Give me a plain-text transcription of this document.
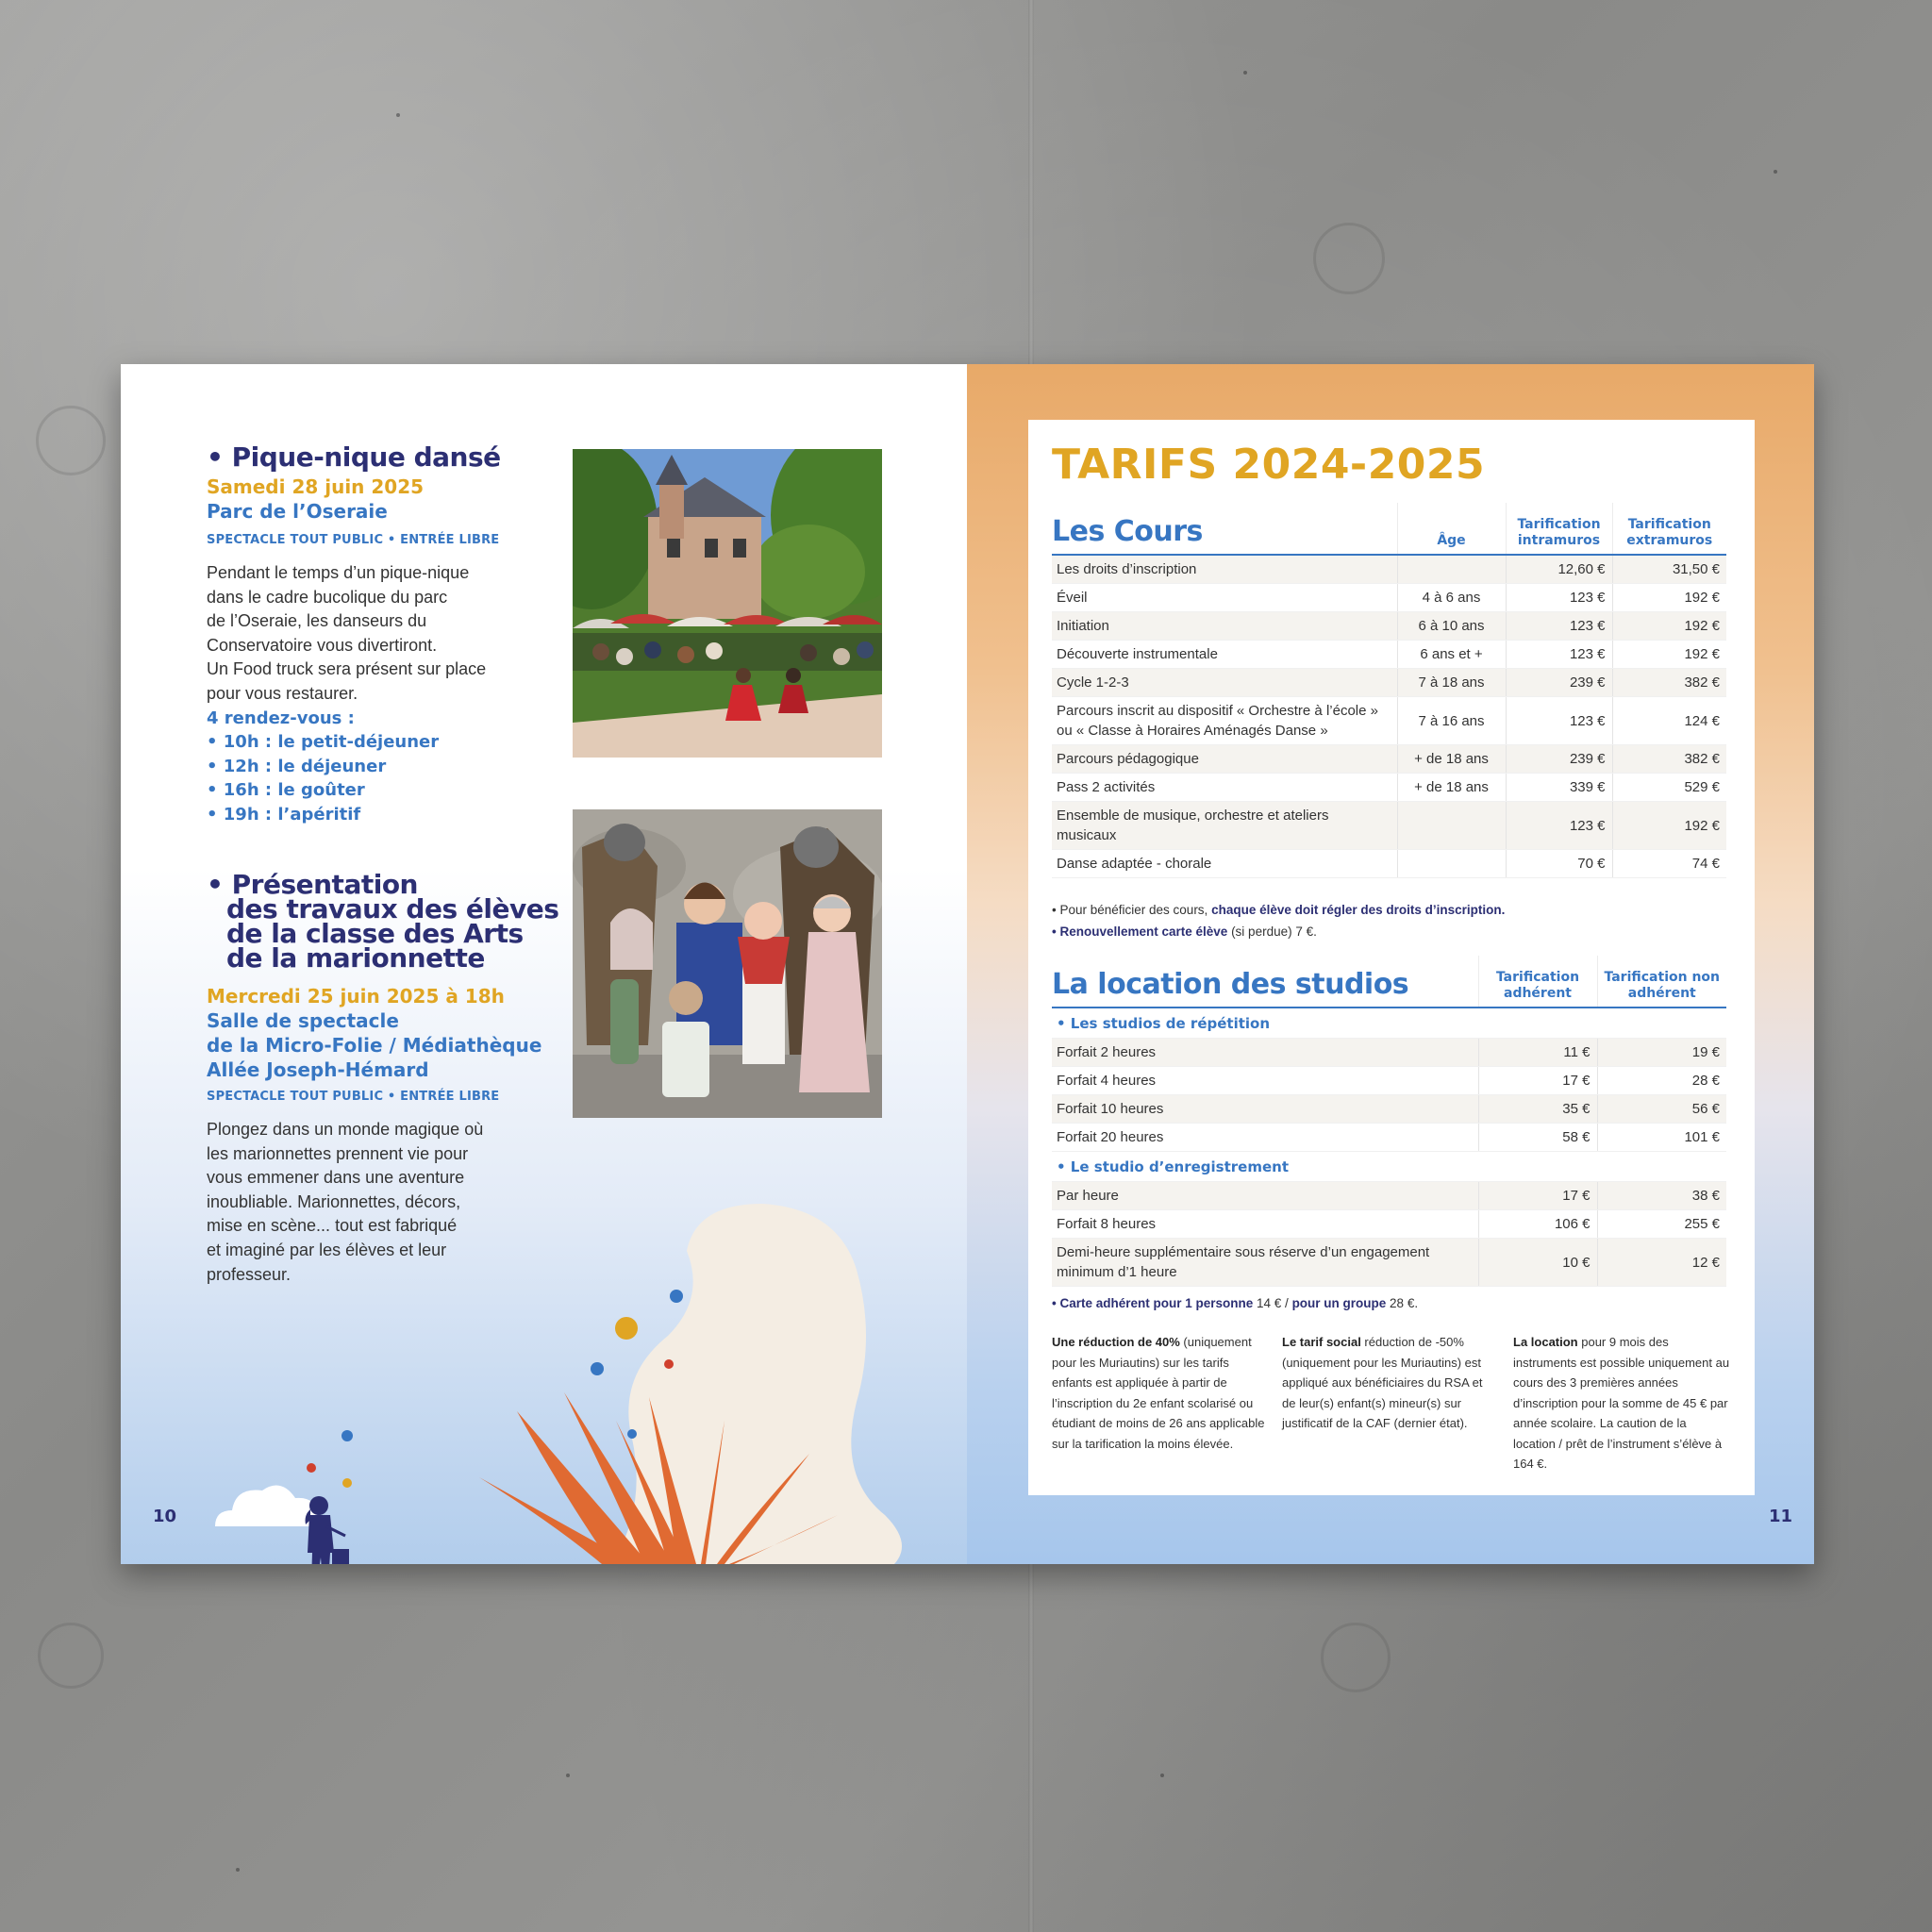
• Pique-nique dansé
Samedi 28 juin 2025
Parc de l’Oseraie
SPECTACLE TOUT PUBLIC • ENTRÉE LIBRE
Pendant le temps d’un pique-nique
dans le cadre bucolique du parc
de l’Oseraie, les danseurs du
Conservatoire vous divertiront.
Un Food truck sera présent sur place
pour vous restaurer.
4 rendez-vous :
• 10h : le petit-déjeuner
• 12h : le déjeuner
• 16h : le goûter
• 19h : l’apéritif
• Présentation
des travaux des élèves
de la classe des Arts
de la marionnette
Mercredi 25 juin 2025 à 18h
Salle de spectacle
de la Micro-Folie / Médiathèque
Allée Joseph-Hémard
SPECTACLE TOUT PUBLIC • ENTRÉE LIBRE
Plongez dans un monde magique où
les marionnettes prennent vie pour
vous emmener dans une aventure
inoubliable. Marionnettes, décors,
mise en scène... tout est fabriqué
et imaginé par les élèves et leur
professeur.
10
TARIFS 2024-2025
Les Cours	Âge	Tarification intramuros	Tarification extramuros
Les droits d’inscription		12,60 €	31,50 €
Éveil	4 à 6 ans	123 €	192 €
Initiation	6 à 10 ans	123 €	192 €
Découverte instrumentale	6 ans et +	123 €	192 €
Cycle 1-2-3	7 à 18 ans	239 €	382 €
Parcours inscrit au dispositif « Orchestre à l’école » ou « Classe à Horaires Aménagés Danse »	7 à 16 ans	123 €	124 €
Parcours pédagogique	+ de 18 ans	239 €	382 €
Pass 2 activités	+ de 18 ans	339 €	529 €
Ensemble de musique, orchestre et ateliers musicaux		123 €	192 €
Danse adaptée - chorale		70 €	74 €
• Pour bénéficier des cours, chaque élève doit régler des droits d’inscription.
• Renouvellement carte élève (si perdue) 7 €.
La location des studios	Tarification adhérent	Tarification non adhérent
• Les studios de répétition		
Forfait 2 heures	11 €	19 €
Forfait 4 heures	17 €	28 €
Forfait 10 heures	35 €	56 €
Forfait 20 heures	58 €	101 €
• Le studio d’enregistrement		
Par heure	17 €	38 €
Forfait 8 heures	106 €	255 €
Demi-heure supplémentaire sous réserve d’un engagement minimum d’1 heure	10 €	12 €
• Carte adhérent pour 1 personne 14 € / pour un groupe 28 €.
Une réduction de 40% (uniquement pour les Muriautins) sur les tarifs enfants est appliquée à partir de l’inscription du 2e enfant scolarisé ou étudiant de moins de 26 ans applicable sur la tarification la moins élevée.
Le tarif social réduction de -50% (uniquement pour les Muriautins) est appliqué aux bénéficiaires du RSA et de leur(s) enfant(s) mineur(s) sur justificatif de la CAF (dernier état).
La location pour 9 mois des instruments est possible uniquement au cours des 3 premières années d’inscription pour la somme de 45 € par année scolaire. La caution de la location / prêt de l’instrument s’élève à 164 €.
11
